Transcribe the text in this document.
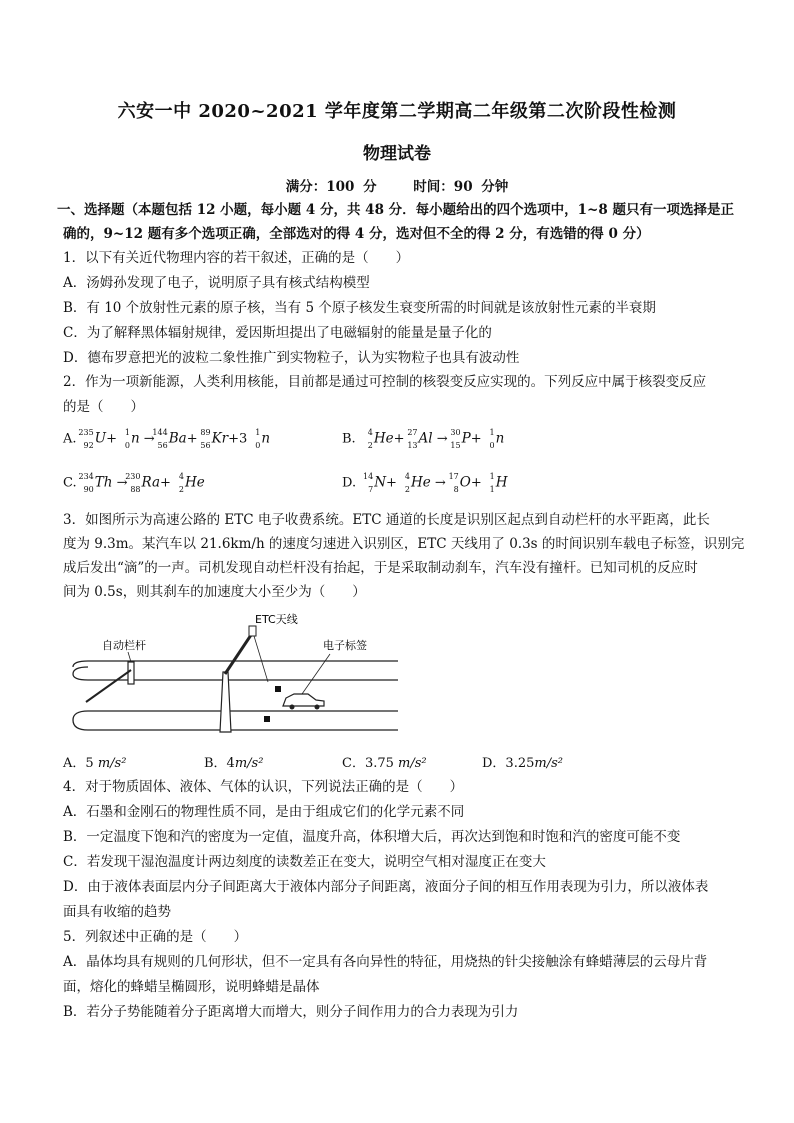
六安一中 2020~2021 学年度第二学期高二年级第二次阶段性检测
物理试卷
满分：100 分	时间：90 分钟
一、选择题（本题包括 12 小题，每小题 4 分，共 48 分．每小题给出的四个选项中，1~8 题只有一项选择是正
确的，9~12 题有多个选项正确，全部选对的得 4 分，选对但不全的得 2 分，有选错的得 0 分）
1．以下有关近代物理内容的若干叙述，正确的是（　　）
A．汤姆孙发现了电子，说明原子具有核式结构模型
B．有 10 个放射性元素的原子核，当有 5 个原子核发生衰变所需的时间就是该放射性元素的半衰期
C．为了解释黑体辐射规律，爱因斯坦提出了电磁辐射的能量是量子化的
D．德布罗意把光的波粒二象性推广到实物粒子，认为实物粒子也具有波动性
2．作为一项新能源，人类利用核能，目前都是通过可控制的核裂变反应实现的。下列反应中属于核裂变反应
的是（　　）
A. 235
92 U+ 1
0 n →
144
56 Ba+ 89
56 Kr+3 1
0 n	B. 4
2 He+ 27
13 Al → 30
15 P+ 1
0 n
C. 234
90 Th →
230
88 Ra+ 4
2 He	D. 14
7 N+ 4
2 He → 17
8 O+ 1
1 H
3．如图所示为高速公路的 ETC 电子收费系统。ETC 通道的长度是识别区起点到自动栏杆的水平距离，此长
度为 9.3m。某汽车以 21.6km/h 的速度匀速进入识别区，ETC 天线用了 0.3s 的时间识别车载电子标签，识别完
成后发出“滴”的一声。司机发现自动栏杆没有抬起，于是采取制动刹车，汽车没有撞杆。已知司机的反应时
间为 0.5s，则其刹车的加速度大小至少为（　　）
自动栏杆
ETC天线
电子标签
A．5 m/s²	B．4m/s²	C．3.75 m/s²	D．3.25m/s²
4．对于物质固体、液体、气体的认识，下列说法正确的是（　　）
A．石墨和金刚石的物理性质不同，是由于组成它们的化学元素不同
B．一定温度下饱和汽的密度为一定值，温度升高，体积增大后，再次达到饱和时饱和汽的密度可能不变
C．若发现干湿泡温度计两边刻度的读数差正在变大，说明空气相对湿度正在变大
D．由于液体表面层内分子间距离大于液体内部分子间距离，液面分子间的相互作用表现为引力，所以液体表
面具有收缩的趋势
5．列叙述中正确的是（　　）
A．晶体均具有规则的几何形状，但不一定具有各向异性的特征，用烧热的针尖接触涂有蜂蜡薄层的云母片背
面，熔化的蜂蜡呈椭圆形，说明蜂蜡是晶体
B．若分子势能随着分子距离增大而增大，则分子间作用力的合力表现为引力
